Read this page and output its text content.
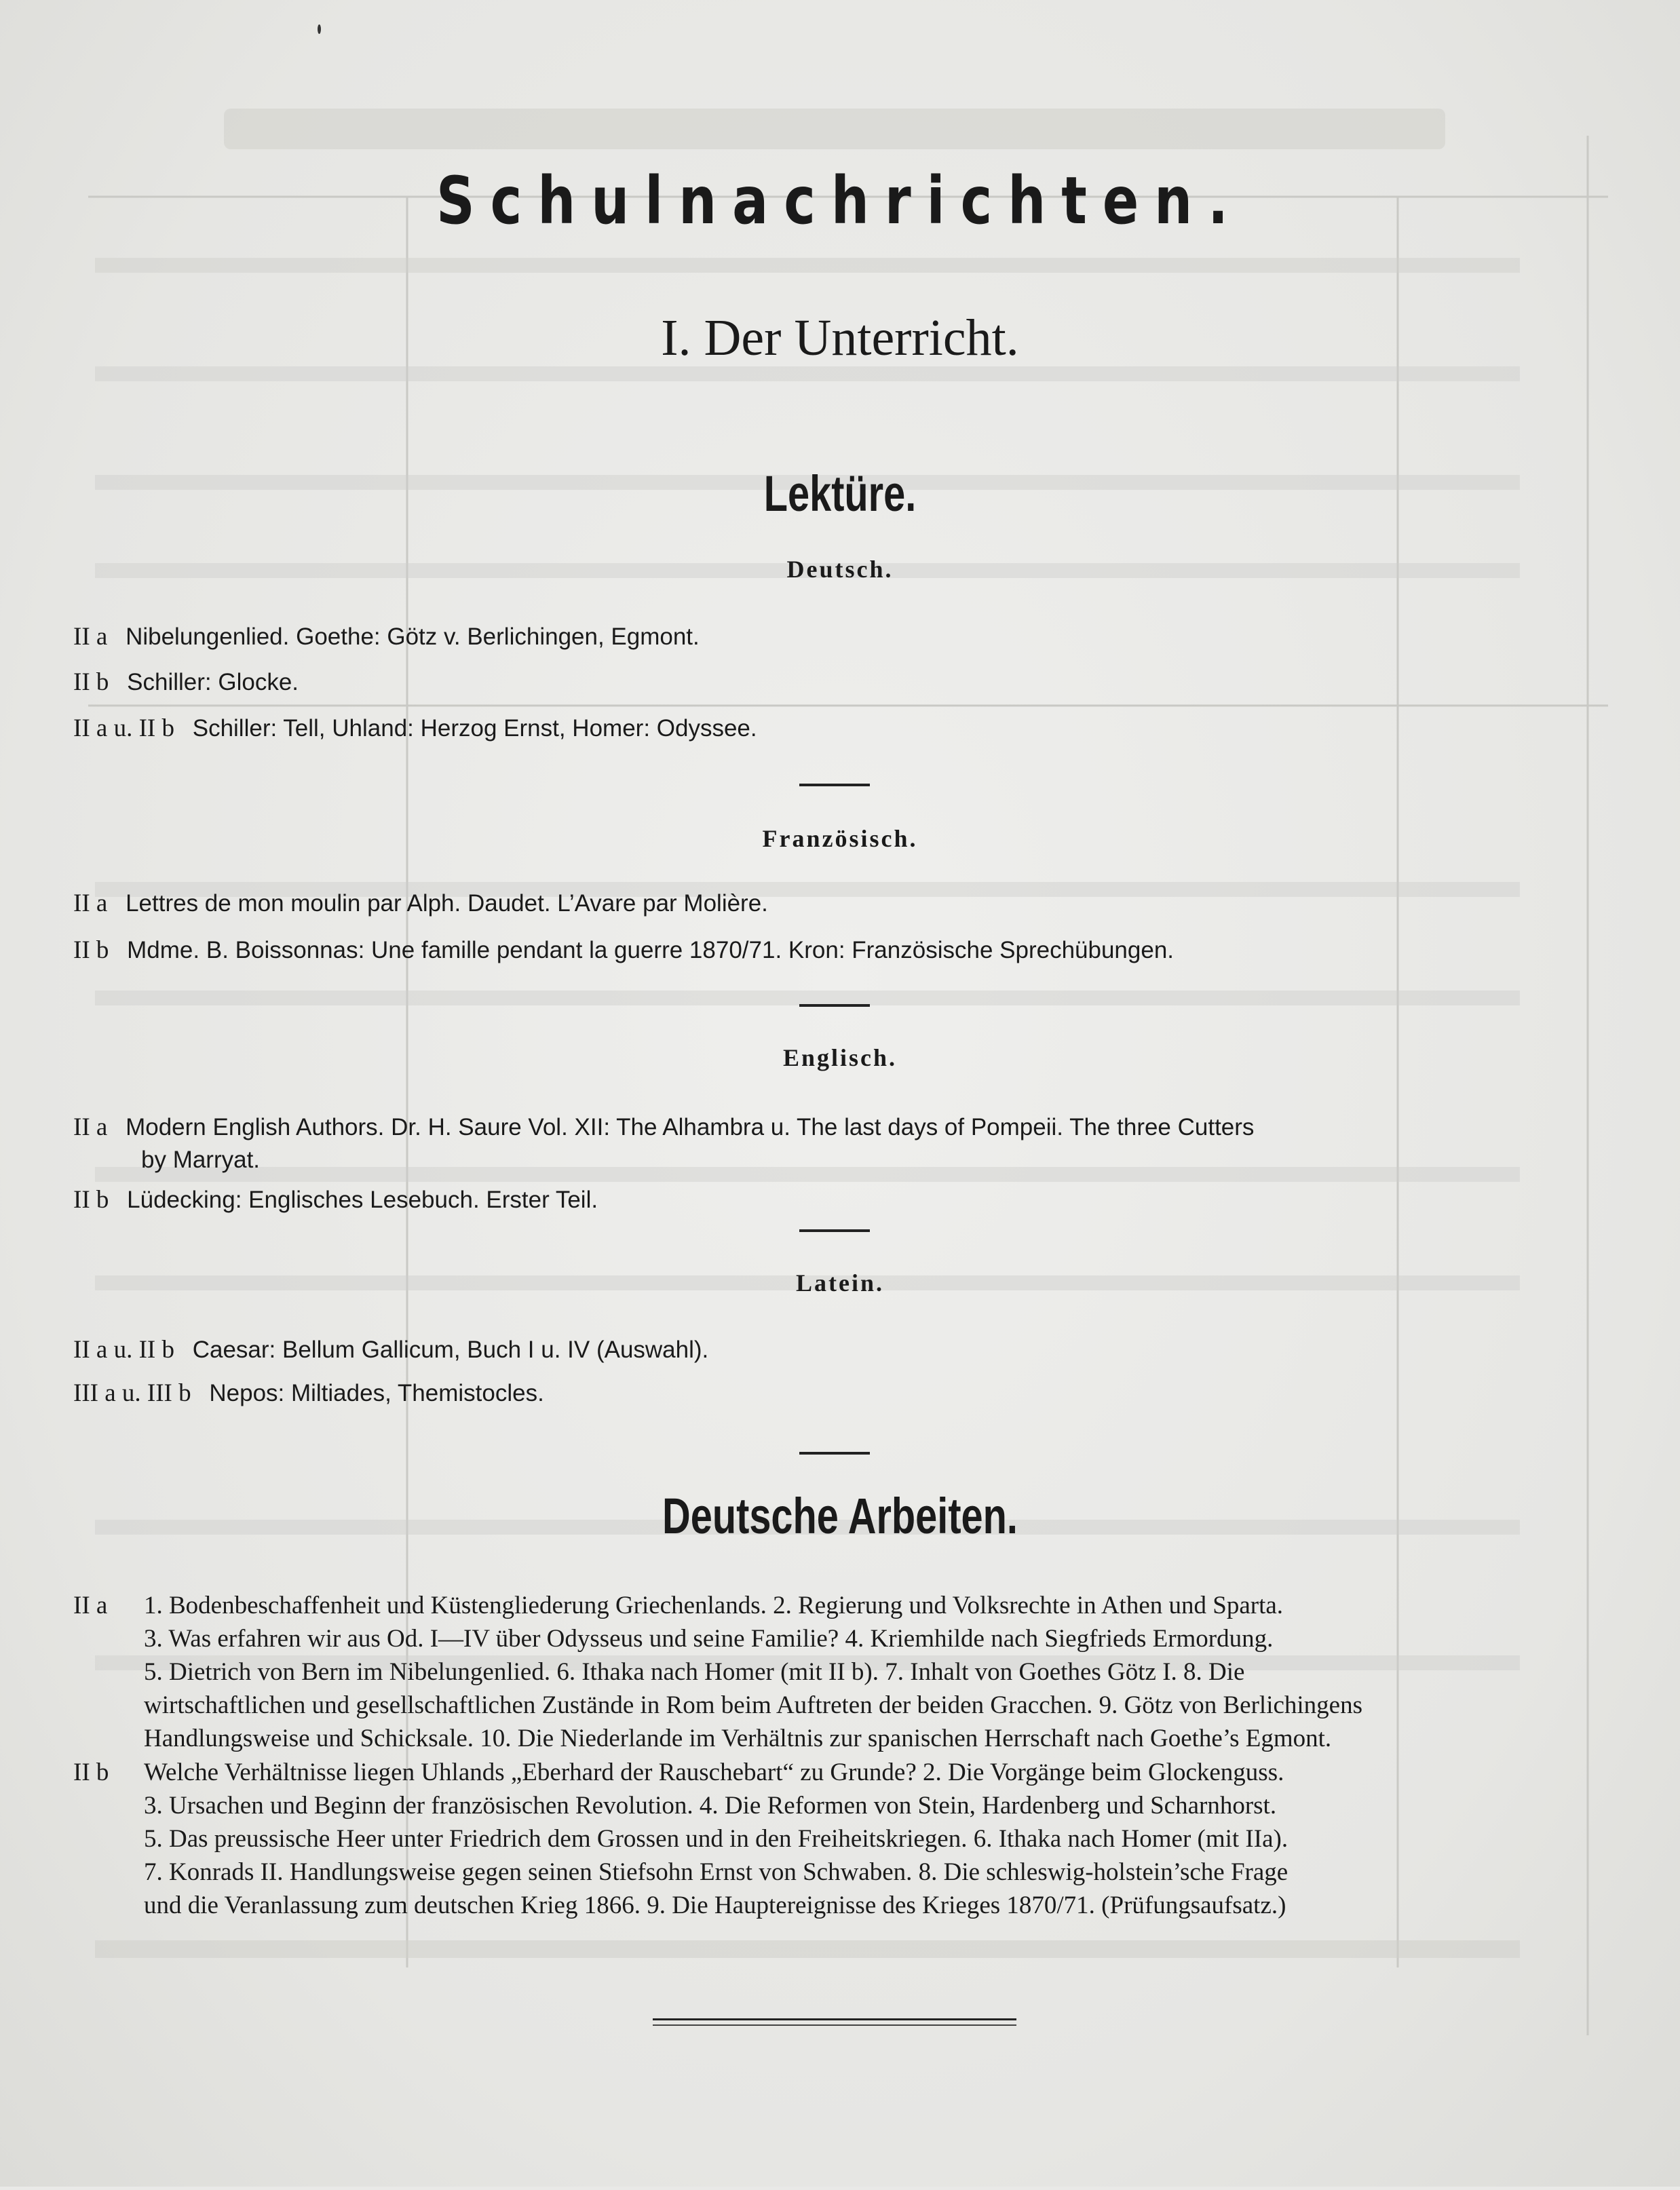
Schulnachrichten.
I. Der Unterricht.
Lektüre.
Deutsch.
II a Nibelungenlied. Goethe: Götz v. Berlichingen, Egmont.
II b Schiller: Glocke.
II a u. II b Schiller: Tell, Uhland: Herzog Ernst, Homer: Odyssee.
Französisch.
II a Lettres de mon moulin par Alph. Daudet. L’Avare par Molière.
II b Mdme. B. Boissonnas: Une famille pendant la guerre 1870/71. Kron: Französische Sprechübungen.
Englisch.
II a Modern English Authors. Dr. H. Saure Vol. XII: The Alhambra u. The last days of Pompeii. The three Cutters
by Marryat.
II b Lüdecking: Englisches Lesebuch. Erster Teil.
Latein.
II a u. II b Caesar: Bellum Gallicum, Buch I u. IV (Auswahl).
III a u. III b Nepos: Miltiades, Themistocles.
Deutsche Arbeiten.
II a 1. Bodenbeschaffenheit und Küstengliederung Griechenlands. 2. Regierung und Volksrechte in Athen und Sparta.
3. Was erfahren wir aus Od. I—IV über Odysseus und seine Familie? 4. Kriemhilde nach Siegfrieds Ermordung.
5. Dietrich von Bern im Nibelungenlied. 6. Ithaka nach Homer (mit II b). 7. Inhalt von Goethes Götz I. 8. Die
wirtschaftlichen und gesellschaftlichen Zustände in Rom beim Auftreten der beiden Gracchen. 9. Götz von Berlichingens
Handlungsweise und Schicksale. 10. Die Niederlande im Verhältnis zur spanischen Herrschaft nach Goethe’s Egmont.
II b Welche Verhältnisse liegen Uhlands „Eberhard der Rauschebart“ zu Grunde? 2. Die Vorgänge beim Glockenguss.
3. Ursachen und Beginn der französischen Revolution. 4. Die Reformen von Stein, Hardenberg und Scharnhorst.
5. Das preussische Heer unter Friedrich dem Grossen und in den Freiheitskriegen. 6. Ithaka nach Homer (mit IIa).
7. Konrads II. Handlungsweise gegen seinen Stiefsohn Ernst von Schwaben. 8. Die schleswig-holstein’sche Frage
und die Veranlassung zum deutschen Krieg 1866. 9. Die Hauptereignisse des Krieges 1870/71. (Prüfungsaufsatz.)
